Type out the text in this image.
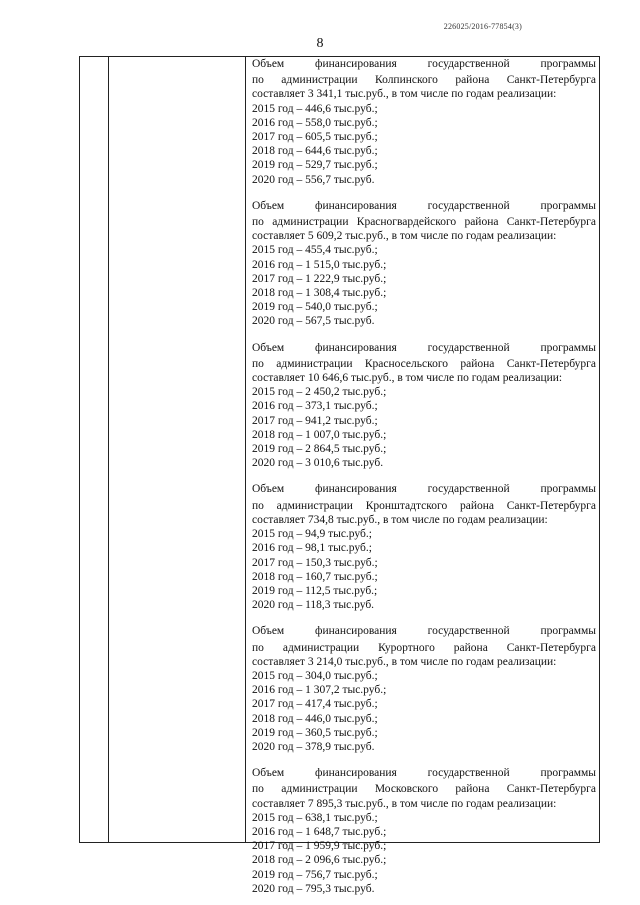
226025/2016-77854(3)
8
Объем финансирования государственной программы
по администрации Колпинского района Санкт-Петербурга
составляет 3 341,1 тыс.руб., в том числе по годам реализации:
2015 год – 446,6 тыс.руб.;
2016 год – 558,0 тыс.руб.;
2017 год – 605,5 тыс.руб.;
2018 год – 644,6 тыс.руб.;
2019 год – 529,7 тыс.руб.;
2020 год – 556,7 тыс.руб.
Объем финансирования государственной программы
по администрации Красногвардейского района Санкт-Петербурга
составляет 5 609,2 тыс.руб., в том числе по годам реализации:
2015 год – 455,4 тыс.руб.;
2016 год – 1 515,0 тыс.руб.;
2017 год – 1 222,9 тыс.руб.;
2018 год – 1 308,4 тыс.руб.;
2019 год – 540,0 тыс.руб.;
2020 год – 567,5 тыс.руб.
Объем финансирования государственной программы
по администрации Красносельского района Санкт-Петербурга
составляет 10 646,6 тыс.руб., в том числе по годам реализации:
2015 год – 2 450,2 тыс.руб.;
2016 год – 373,1 тыс.руб.;
2017 год – 941,2 тыс.руб.;
2018 год – 1 007,0 тыс.руб.;
2019 год – 2 864,5 тыс.руб.;
2020 год – 3 010,6 тыс.руб.
Объем финансирования государственной программы
по администрации Кронштадтского района Санкт-Петербурга
составляет 734,8 тыс.руб., в том числе по годам реализации:
2015 год – 94,9 тыс.руб.;
2016 год – 98,1 тыс.руб.;
2017 год – 150,3 тыс.руб.;
2018 год – 160,7 тыс.руб.;
2019 год – 112,5 тыс.руб.;
2020 год – 118,3 тыс.руб.
Объем финансирования государственной программы
по администрации Курортного района Санкт-Петербурга
составляет 3 214,0 тыс.руб., в том числе по годам реализации:
2015 год – 304,0 тыс.руб.;
2016 год – 1 307,2 тыс.руб.;
2017 год – 417,4 тыс.руб.;
2018 год – 446,0 тыс.руб.;
2019 год – 360,5 тыс.руб.;
2020 год – 378,9 тыс.руб.
Объем финансирования государственной программы
по администрации Московского района Санкт-Петербурга
составляет 7 895,3 тыс.руб., в том числе по годам реализации:
2015 год – 638,1 тыс.руб.;
2016 год – 1 648,7 тыс.руб.;
2017 год – 1 959,9 тыс.руб.;
2018 год – 2 096,6 тыс.руб.;
2019 год – 756,7 тыс.руб.;
2020 год – 795,3 тыс.руб.
